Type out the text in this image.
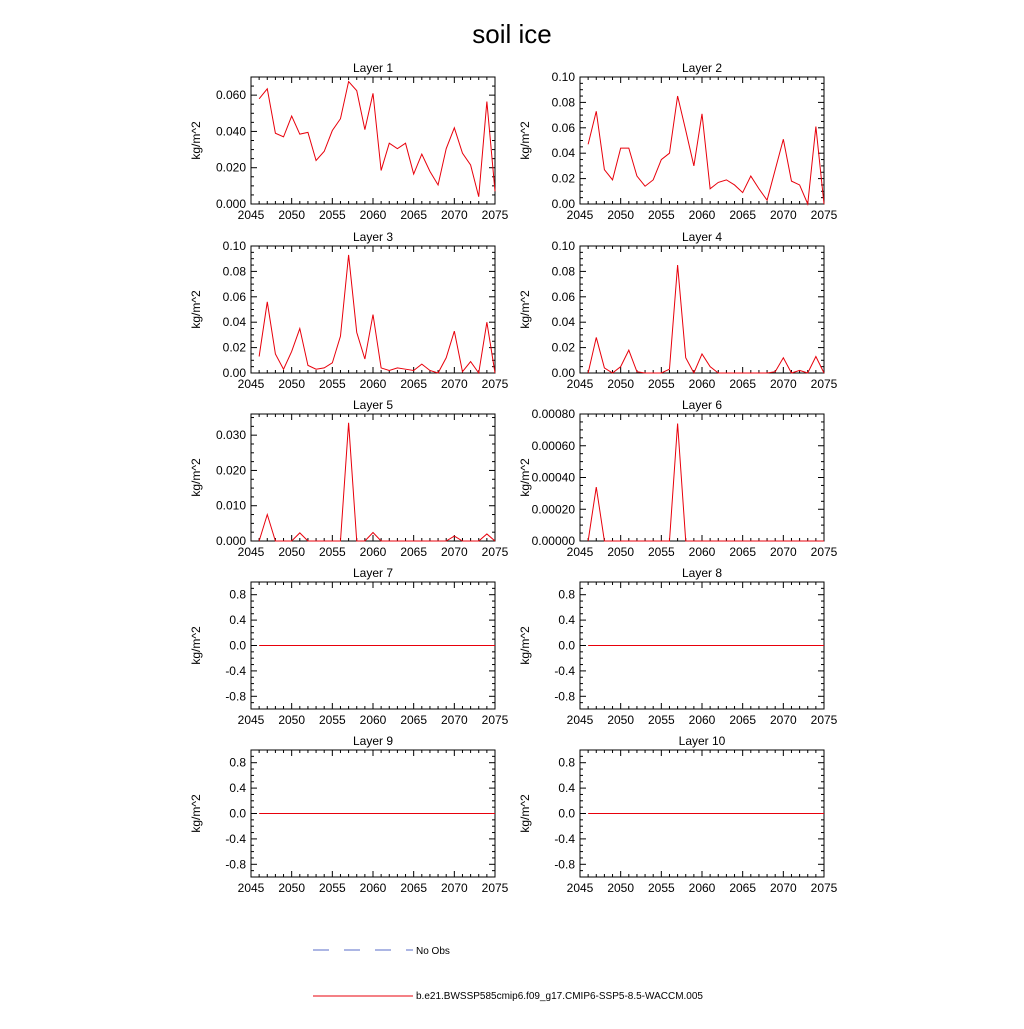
soil ice
Layer 1
kg/m^2
2045 2050 2055 2060 2065 2070 2075
0.000
0.020
0.040
0.060
Layer 2
kg/m^2
2045 2050 2055 2060 2065 2070 2075
0.00
0.02
0.04
0.06
0.08
0.10
Layer 3
kg/m^2
2045 2050 2055 2060 2065 2070 2075
0.00
0.02
0.04
0.06
0.08
0.10
Layer 4
kg/m^2
2045 2050 2055 2060 2065 2070 2075
0.00
0.02
0.04
0.06
0.08
0.10
Layer 5
kg/m^2
2045 2050 2055 2060 2065 2070 2075
0.000
0.010
0.020
0.030
Layer 6
kg/m^2
2045 2050 2055 2060 2065 2070 2075
0.00000
0.00020
0.00040
0.00060
0.00080
Layer 7
kg/m^2
2045 2050 2055 2060 2065 2070 2075
-0.8
-0.4
0.0
0.4
0.8
Layer 8
kg/m^2
2045 2050 2055 2060 2065 2070 2075
-0.8
-0.4
0.0
0.4
0.8
Layer 9
kg/m^2
2045 2050 2055 2060 2065 2070 2075
-0.8
-0.4
0.0
0.4
0.8
Layer 10
kg/m^2
2045 2050 2055 2060 2065 2070 2075
-0.8
-0.4
0.0
0.4
0.8
No Obs
b.e21.BWSSP585cmip6.f09_g17.CMIP6-SSP5-8.5-WACCM.005
